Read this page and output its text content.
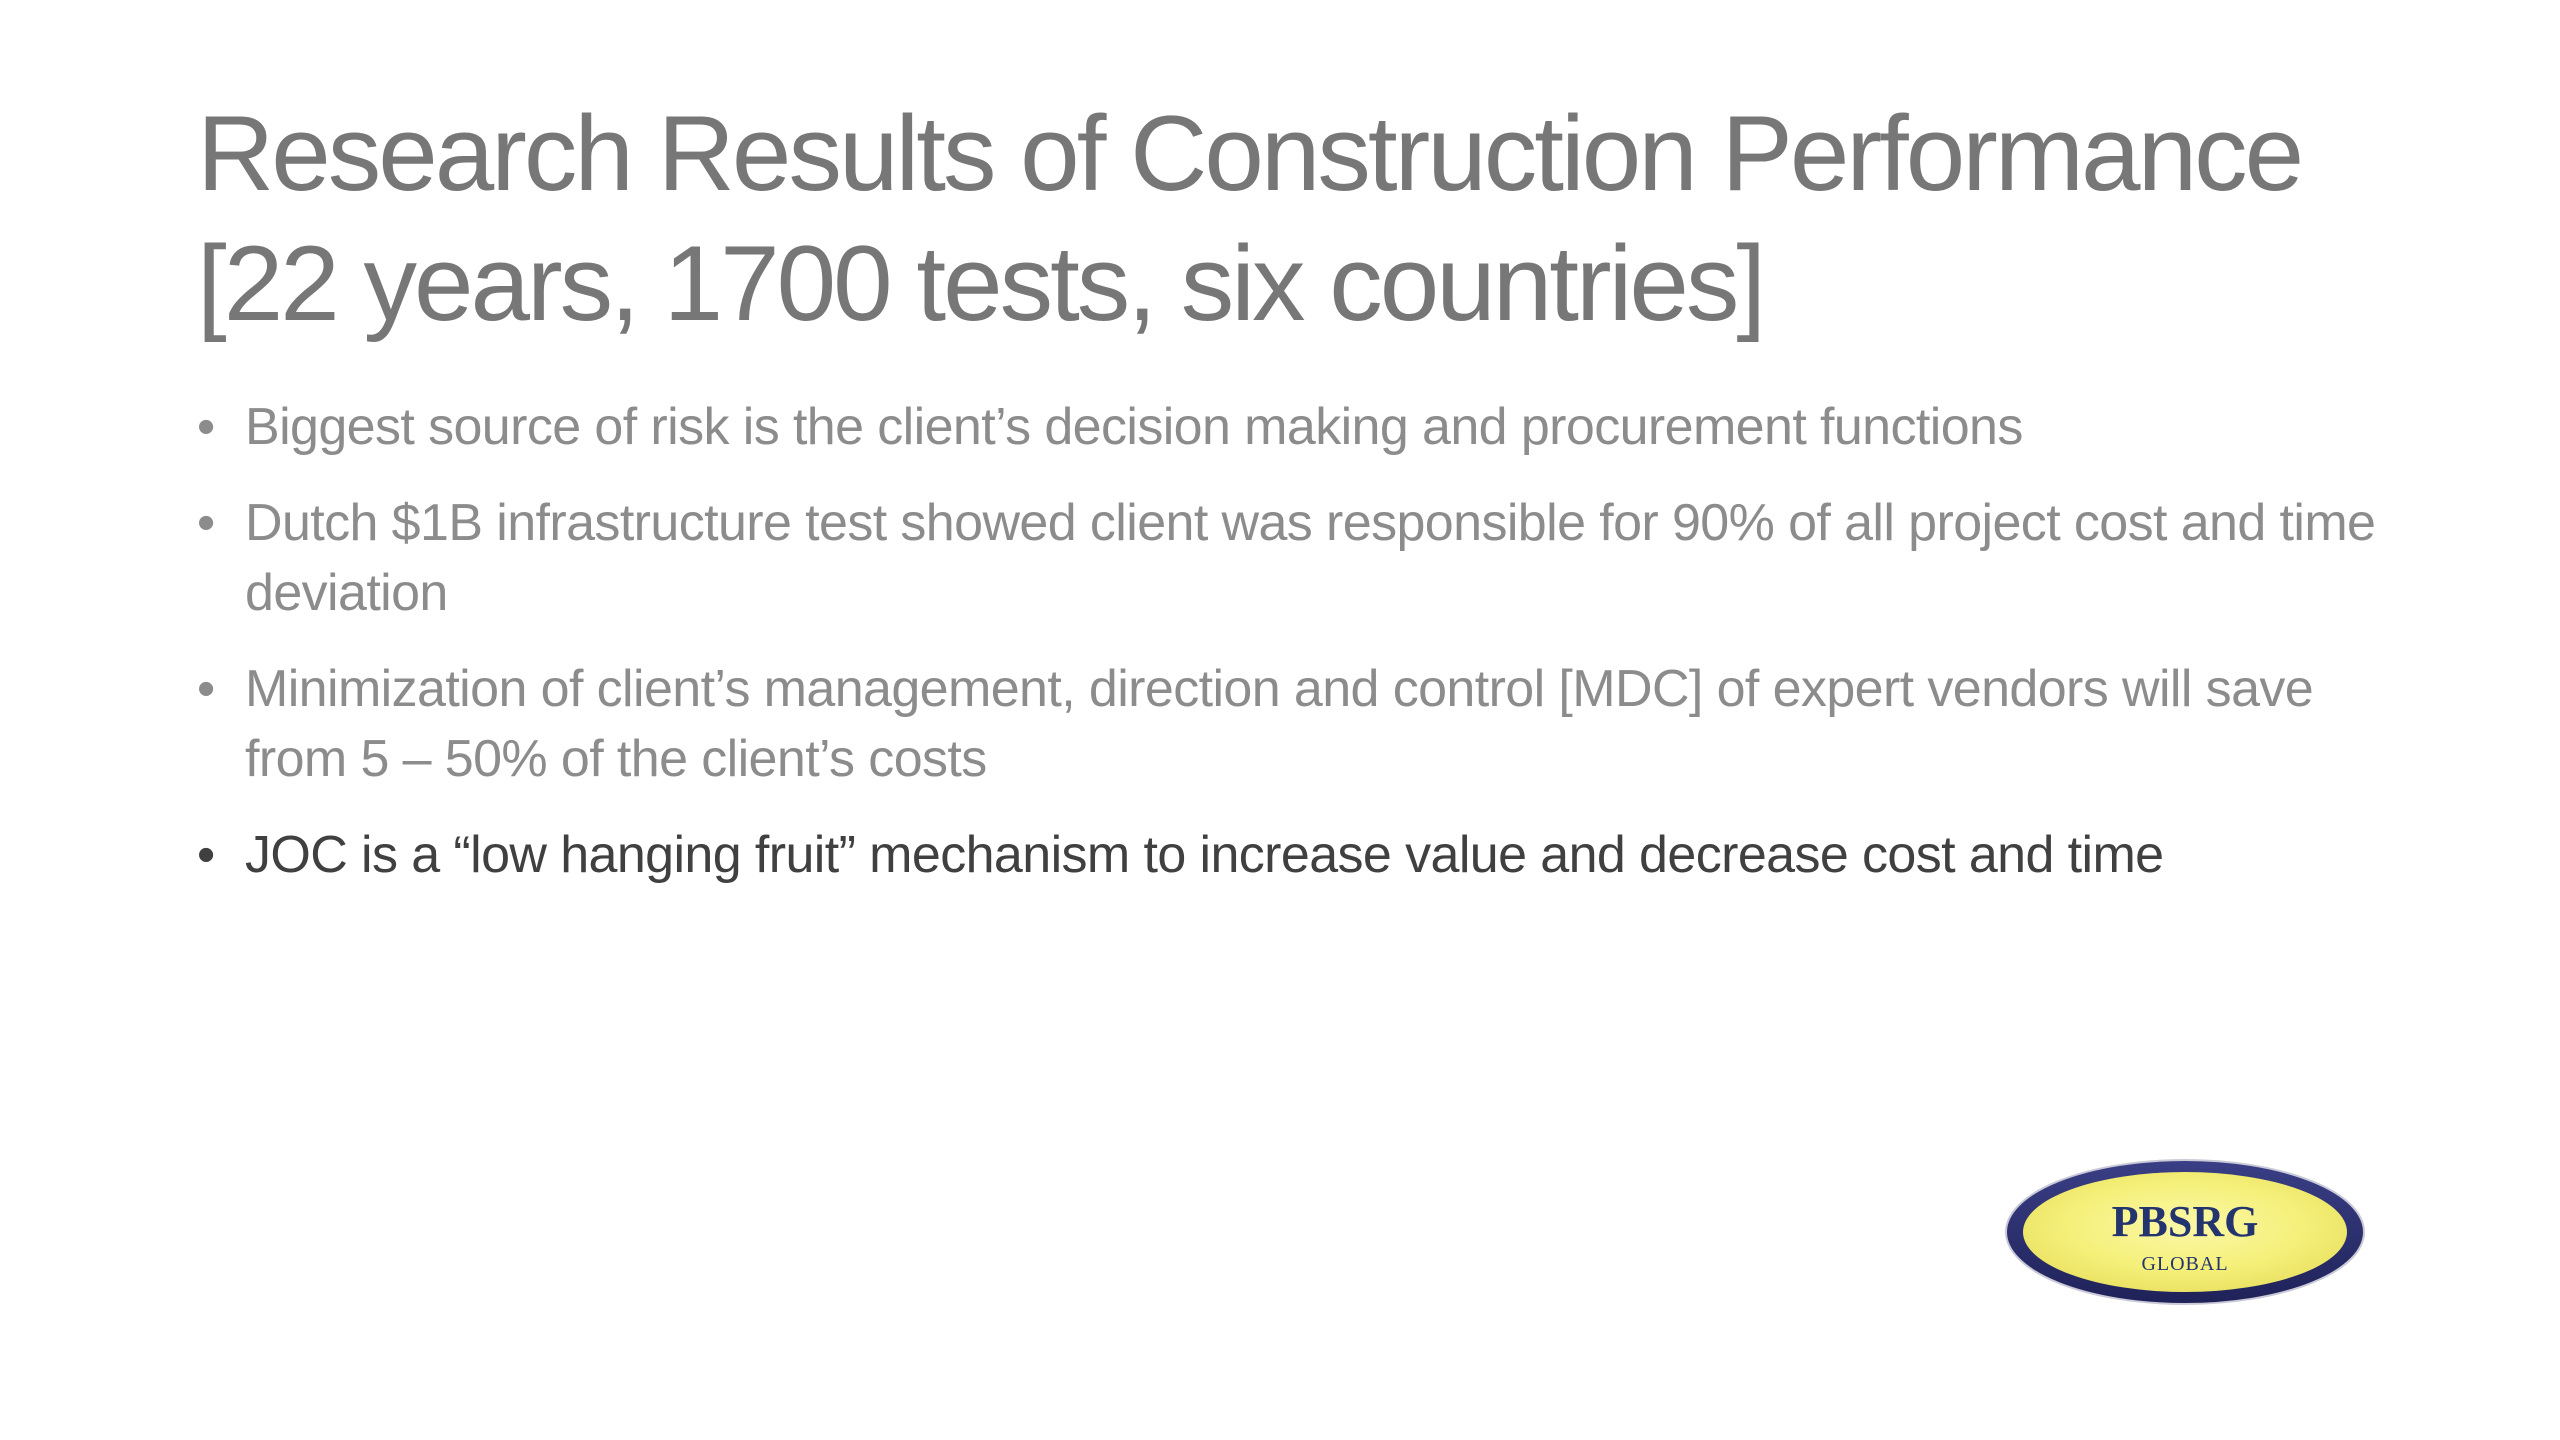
Research Results of Construction Performance
[22 years, 1700 tests, six countries]
• Biggest source of risk is the client’s decision making and procurement functions
• Dutch $1B infrastructure test showed client was responsible for 90% of all project cost and time deviation
• Minimization of client’s management, direction and control [MDC] of expert vendors will save from 5 – 50% of the client’s costs
• JOC is a “low hanging fruit” mechanism to increase value and decrease cost and time
PBSRG
GLOBAL
